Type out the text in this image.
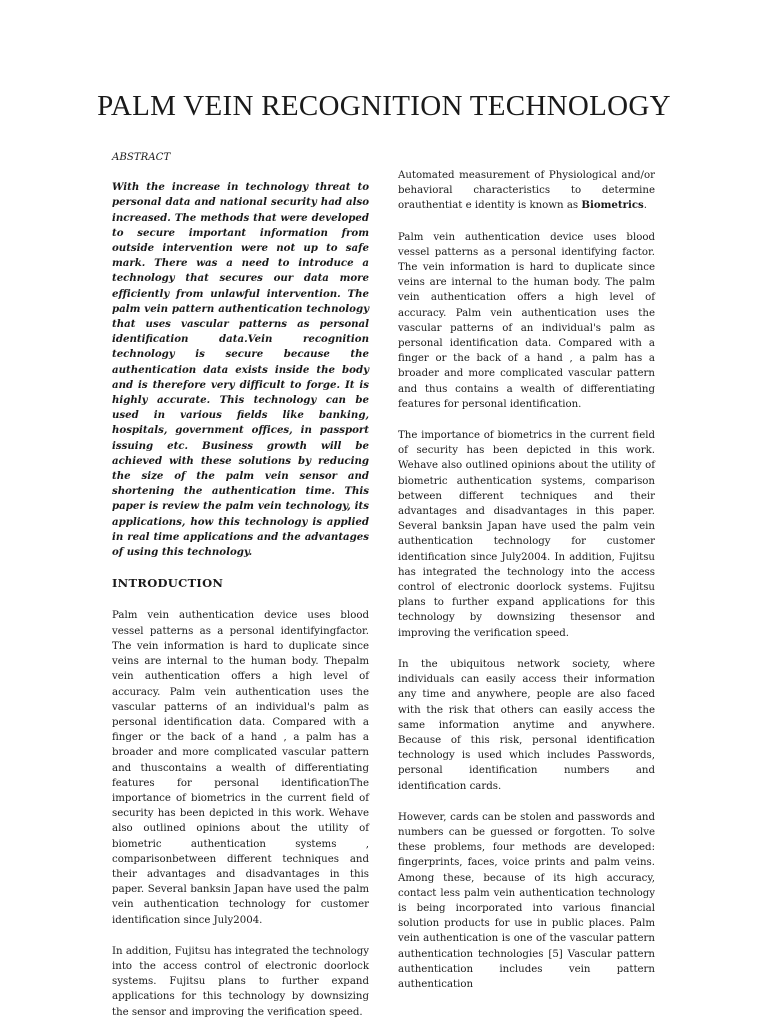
PALM VEIN RECOGNITION TECHNOLOGY
ABSTRACT

With the increase in technology threat to personal data and national security had also increased. The methods that were developed to secure important information from outside intervention were not up to safe mark. There was a need to introduce a technology that secures our data more efficiently from unlawful intervention. The palm vein pattern authentication technology that uses vascular patterns as personal identification data.Vein recognition technology is secure because the authentication data exists inside the body and is therefore very difficult to forge. It is highly accurate. This technology can be used in various fields like banking, hospitals, government offices, in passport issuing etc. Business growth will be achieved with these solutions by reducing the size of the palm vein sensor and shortening the authentication time. This paper is review the palm vein technology, its applications, how this technology is applied in real time applications and the advantages of using this technology.

INTRODUCTION

Palm vein authentication device uses blood vessel patterns as a personal identifyingfactor. The vein information is hard to duplicate since veins are internal to the human body. Thepalm vein authentication offers a high level of accuracy. Palm vein authentication uses the vascular patterns of an individual's palm as personal identification data. Compared with a finger or the back of a hand , a palm has a broader and more complicated vascular pattern and thuscontains a wealth of differentiating features for personal identificationThe importance of biometrics in the current field of security has been depicted in this work. Wehave also outlined opinions about the utility of biometric authentication systems , comparisonbetween different techniques and their advantages and disadvantages in this paper. Several banksin Japan have used the palm vein authentication technology for customer identification since July2004.

In addition, Fujitsu has integrated the technology into the access control of electronic doorlock systems. Fujitsu plans to further expand applications for this technology by downsizing the sensor and improving the verification speed.

Automated measurement of Physiological and/or behavioral characteristics to determine orauthentiat e identity is known as Biometrics.

Palm vein authentication device uses blood vessel patterns as a personal identifying factor. The vein information is hard to duplicate since veins are internal to the human body. The palm vein authentication offers a high level of accuracy. Palm vein authentication uses the vascular patterns of an individual's palm as personal identification data. Compared with a finger or the back of a hand , a palm has a broader and more complicated vascular pattern and thus contains a wealth of differentiating features for personal identification.

The importance of biometrics in the current field of security has been depicted in this work. Wehave also outlined opinions about the utility of biometric authentication systems, comparison between different techniques and their advantages and disadvantages in this paper. Several banksin Japan have used the palm vein authentication technology for customer identification since July2004. In addition, Fujitsu has integrated the technology into the access control of electronic doorlock systems. Fujitsu plans to further expand applications for this technology by downsizing thesensor and improving the verification speed.

In the ubiquitous network society, where individuals can easily access their information any time and anywhere, people are also faced with the risk that others can easily access the same information anytime and anywhere. Because of this risk, personal identification technology is used which includes Passwords, personal identification numbers and identification cards.

However, cards can be stolen and passwords and numbers can be guessed or forgotten. To solve these problems, four methods are developed: fingerprints, faces, voice prints and palm veins. Among these, because of its high accuracy, contact less palm vein authentication technology is being incorporated into various financial solution products for use in public places. Palm vein authentication is one of the vascular pattern authentication technologies [5] Vascular pattern authentication includes vein pattern authentication
